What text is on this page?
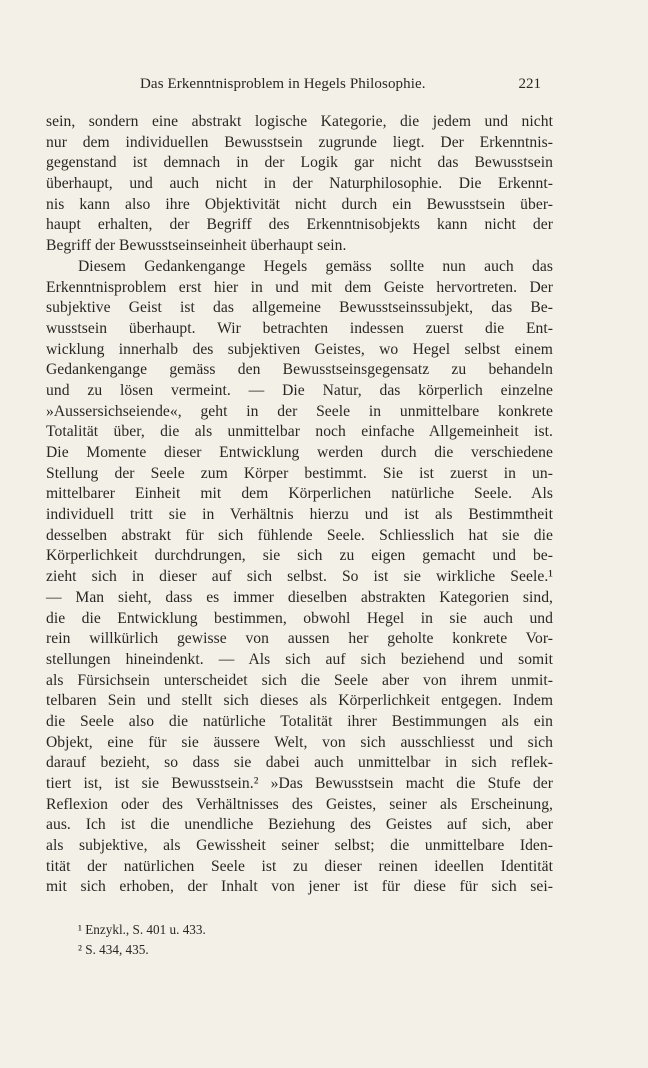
Das Erkenntnisproblem in Hegels Philosophie.	221
sein, sondern eine abstrakt logische Kategorie, die jedem und nicht
nur dem individuellen Bewusstsein zugrunde liegt. Der Erkenntnis-
gegenstand ist demnach in der Logik gar nicht das Bewusstsein
überhaupt, und auch nicht in der Naturphilosophie. Die Erkennt-
nis kann also ihre Objektivität nicht durch ein Bewusstsein über-
haupt erhalten, der Begriff des Erkenntnisobjekts kann nicht der
Begriff der Bewusstseinseinheit überhaupt sein.
Diesem Gedankengange Hegels gemäss sollte nun auch das
Erkenntnisproblem erst hier in und mit dem Geiste hervortreten. Der
subjektive Geist ist das allgemeine Bewusstseinssubjekt, das Be-
wusstsein überhaupt. Wir betrachten indessen zuerst die Ent-
wicklung innerhalb des subjektiven Geistes, wo Hegel selbst einem
Gedankengange gemäss den Bewusstseinsgegensatz zu behandeln
und zu lösen vermeint. — Die Natur, das körperlich einzelne
»Aussersichseiende«, geht in der Seele in unmittelbare konkrete
Totalität über, die als unmittelbar noch einfache Allgemeinheit ist.
Die Momente dieser Entwicklung werden durch die verschiedene
Stellung der Seele zum Körper bestimmt. Sie ist zuerst in un-
mittelbarer Einheit mit dem Körperlichen natürliche Seele. Als
individuell tritt sie in Verhältnis hierzu und ist als Bestimmtheit
desselben abstrakt für sich fühlende Seele. Schliesslich hat sie die
Körperlichkeit durchdrungen, sie sich zu eigen gemacht und be-
zieht sich in dieser auf sich selbst. So ist sie wirkliche Seele.¹
— Man sieht, dass es immer dieselben abstrakten Kategorien sind,
die die Entwicklung bestimmen, obwohl Hegel in sie auch und
rein willkürlich gewisse von aussen her geholte konkrete Vor-
stellungen hineindenkt. — Als sich auf sich beziehend und somit
als Fürsichsein unterscheidet sich die Seele aber von ihrem unmit-
telbaren Sein und stellt sich dieses als Körperlichkeit entgegen. Indem
die Seele also die natürliche Totalität ihrer Bestimmungen als ein
Objekt, eine für sie äussere Welt, von sich ausschliesst und sich
darauf bezieht, so dass sie dabei auch unmittelbar in sich reflek-
tiert ist, ist sie Bewusstsein.² »Das Bewusstsein macht die Stufe der
Reflexion oder des Verhältnisses des Geistes, seiner als Erscheinung,
aus. Ich ist die unendliche Beziehung des Geistes auf sich, aber
als subjektive, als Gewissheit seiner selbst; die unmittelbare Iden-
tität der natürlichen Seele ist zu dieser reinen ideellen Identität
mit sich erhoben, der Inhalt von jener ist für diese für sich sei-
¹ Enzykl., S. 401 u. 433.
² S. 434, 435.
